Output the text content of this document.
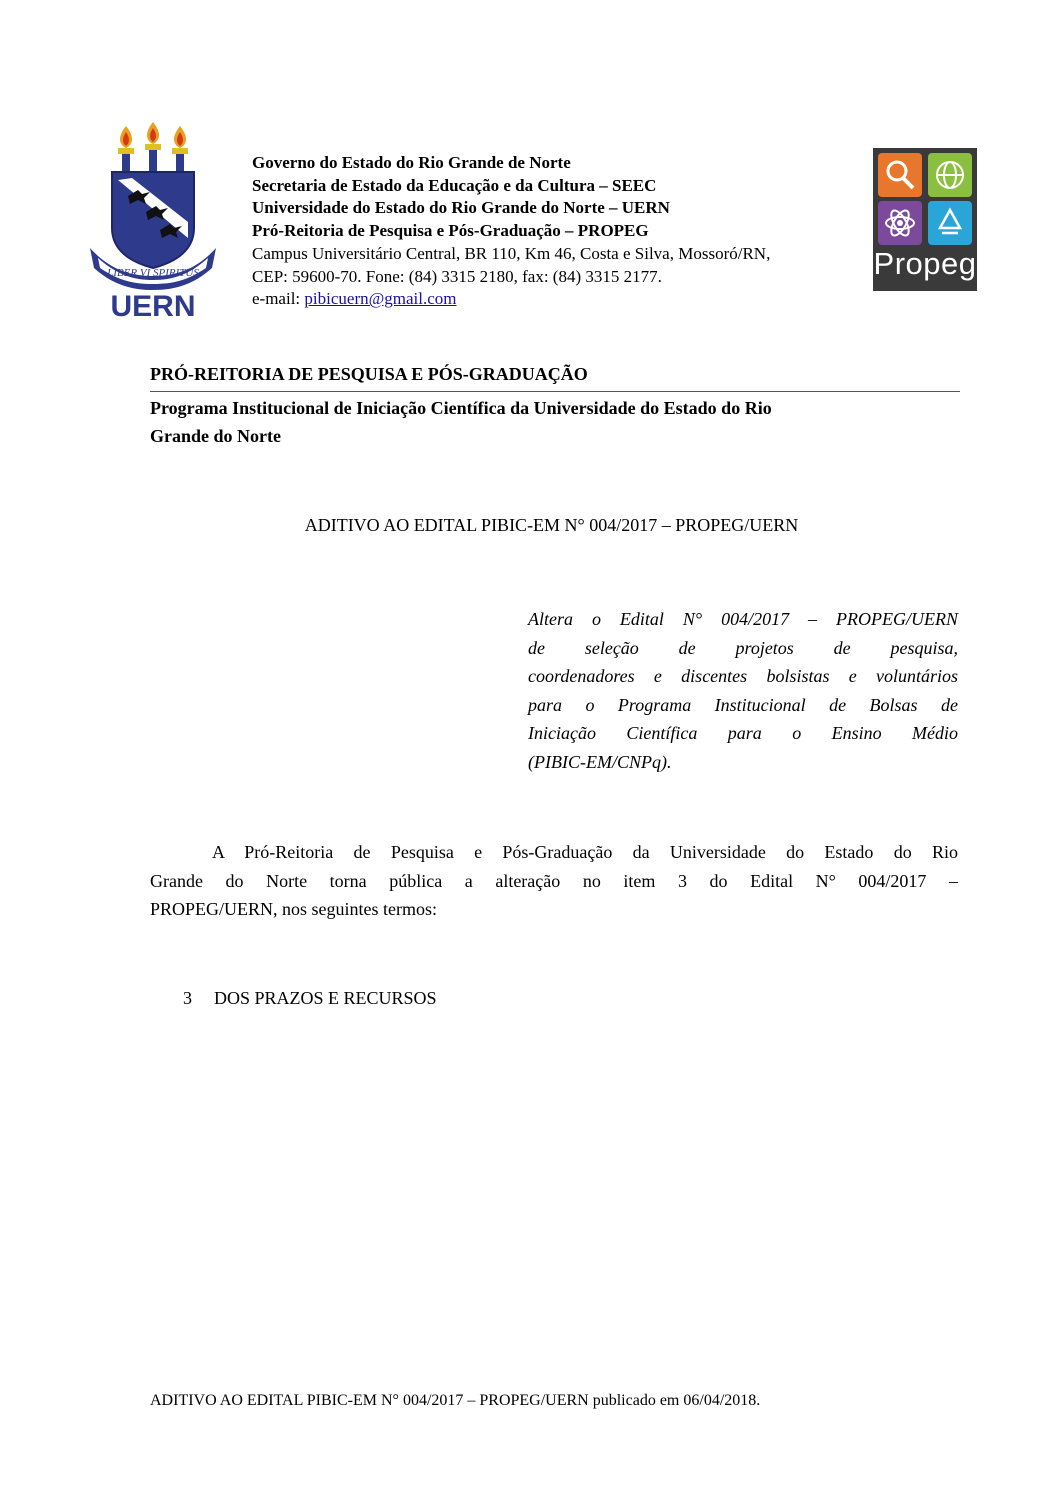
LIBER VI SPIRITUS
UERN
Governo do Estado do Rio Grande de Norte
Secretaria de Estado da Educação e da Cultura – SEEC
Universidade do Estado do Rio Grande do Norte – UERN
Pró-Reitoria de Pesquisa e Pós-Graduação – PROPEG
Campus Universitário Central, BR 110, Km 46, Costa e Silva, Mossoró/RN,
CEP: 59600-70. Fone: (84) 3315 2180, fax: (84) 3315 2177.
e-mail: pibicuern@gmail.com
Propeg
PRÓ-REITORIA DE PESQUISA E PÓS-GRADUAÇÃO
Programa Institucional de Iniciação Científica da Universidade do Estado do Rio
Grande do Norte
ADITIVO AO EDITAL PIBIC-EM N° 004/2017 – PROPEG/UERN
Altera o Edital N° 004/2017 – PROPEG/UERN
de seleção de projetos de pesquisa,
coordenadores e discentes bolsistas e voluntários
para o Programa Institucional de Bolsas de
Iniciação Científica para o Ensino Médio
(PIBIC-EM/CNPq).
A Pró-Reitoria de Pesquisa e Pós-Graduação da Universidade do Estado do Rio
Grande do Norte torna pública a alteração no item 3 do Edital N° 004/2017 –
PROPEG/UERN, nos seguintes termos:
3 DOS PRAZOS E RECURSOS
ADITIVO AO EDITAL PIBIC-EM N° 004/2017 – PROPEG/UERN publicado em 06/04/2018.
